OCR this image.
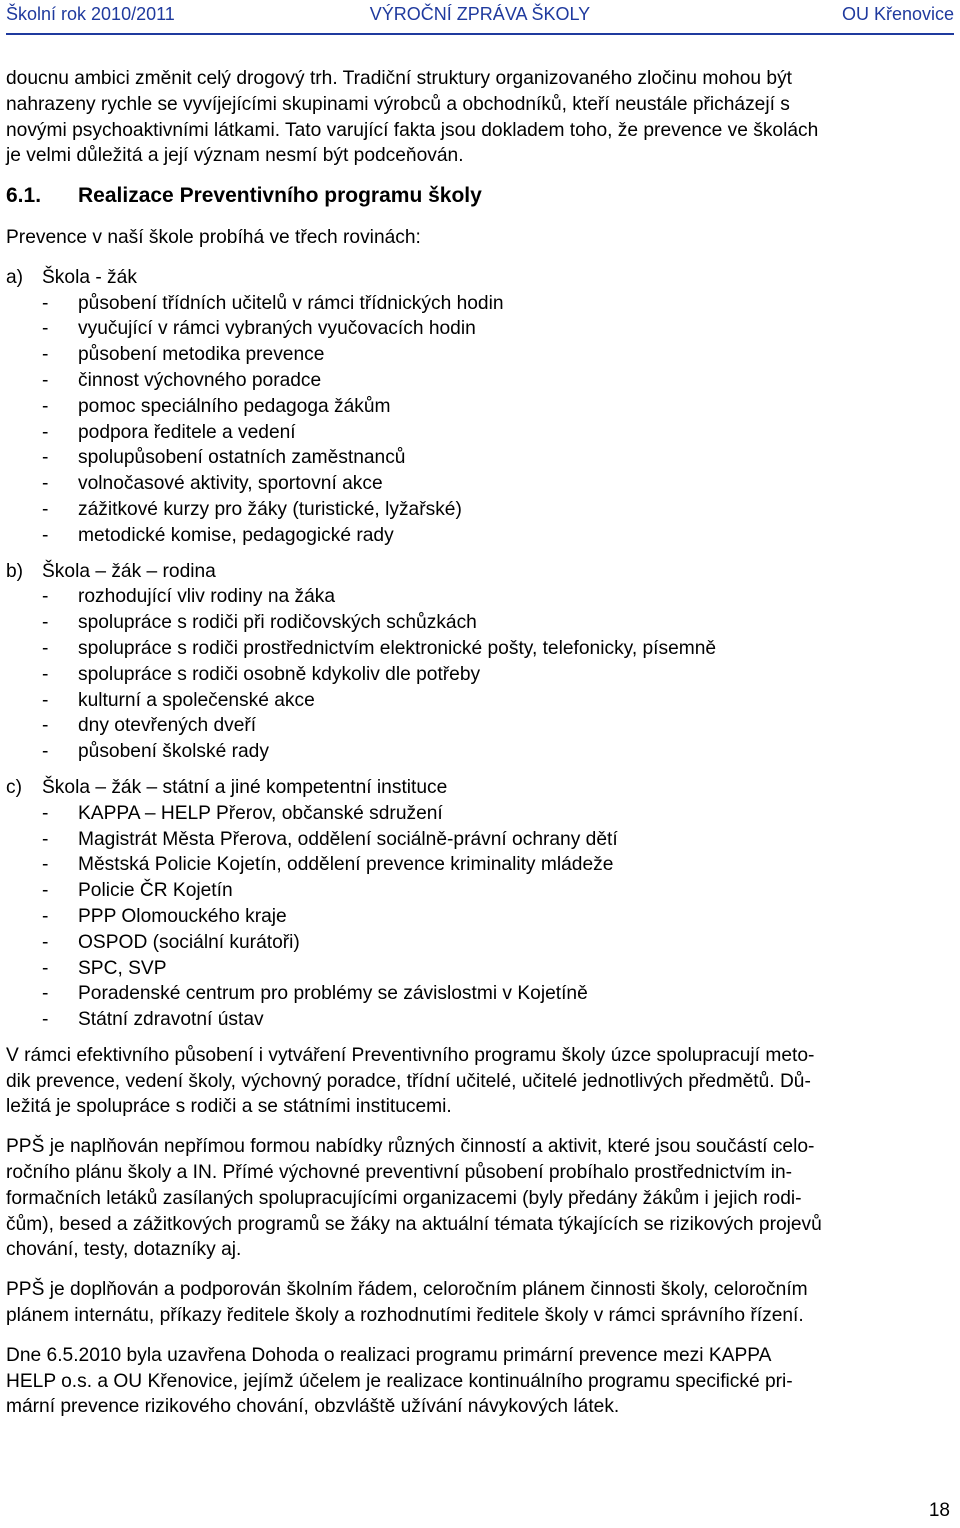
Školní rok 2010/2011	VÝROČNÍ ZPRÁVA ŠKOLY	OU Křenovice

doucnu ambici změnit celý drogový trh. Tradiční struktury organizovaného zločinu mohou být

nahrazeny rychle se vyvíjejícími skupinami výrobců a obchodníků, kteří neustále přicházejí s

novými psychoaktivními látkami. Tato varující fakta jsou dokladem toho, že prevence ve školách

je velmi důležitá a její význam nesmí být podceňován.

6.1.	Realizace Preventivního programu školy

Prevence v naší škole probíhá ve třech rovinách:

a) Škola - žák
-	působení třídních učitelů v rámci třídnických hodin
-	vyučující v rámci vybraných vyučovacích hodin
-	působení metodika prevence
-	činnost výchovného poradce
-	pomoc speciálního pedagoga žákům
-	podpora ředitele a vedení
-	spolupůsobení ostatních zaměstnanců
-	volnočasové aktivity, sportovní akce
-	zážitkové kurzy pro žáky (turistické, lyžařské)
-	metodické komise, pedagogické rady
b) Škola – žák – rodina
-	rozhodující vliv rodiny na žáka
-	spolupráce s rodiči při rodičovských schůzkách
-	spolupráce s rodiči prostřednictvím elektronické pošty, telefonicky, písemně
-	spolupráce s rodiči osobně kdykoliv dle potřeby
-	kulturní a společenské akce
-	dny otevřených dveří
-	působení školské rady
c)	Škola – žák – státní a jiné kompetentní instituce
-	KAPPA – HELP Přerov, občanské sdružení
-	Magistrát Města Přerova, oddělení sociálně-právní ochrany dětí
-	Městská Policie Kojetín, oddělení prevence kriminality mládeže
-	Policie ČR Kojetín
-	PPP Olomouckého kraje
-	OSPOD (sociální kurátoři)
-	SPC, SVP
-	Poradenské centrum pro problémy se závislostmi v Kojetíně
-	Státní zdravotní ústav

V rámci efektivního působení i vytváření Preventivního programu školy úzce spolupracují meto-

dik prevence, vedení školy, výchovný poradce, třídní učitelé, učitelé jednotlivých předmětů. Dů-

ležitá je spolupráce s rodiči a se státními institucemi.

PPŠ je naplňován nepřímou formou nabídky různých činností a aktivit, které jsou součástí celo-

ročního plánu školy a IN. Přímé výchovné preventivní působení probíhalo prostřednictvím in-

formačních letáků zasílaných spolupracujícími organizacemi (byly předány žákům i jejich rodi-

čům), besed a zážitkových programů se žáky na aktuální témata týkajících se rizikových projevů

chování, testy, dotazníky aj.

PPŠ je doplňován a podporován školním řádem, celoročním plánem činnosti školy, celoročním

plánem internátu, příkazy ředitele školy a rozhodnutími ředitele školy v rámci správního řízení.

Dne 6.5.2010 byla uzavřena Dohoda o realizaci programu primární prevence mezi KAPPA

HELP o.s. a OU Křenovice, jejímž účelem je realizace kontinuálního programu specifické pri-

mární prevence rizikového chování, obzvláště užívání návykových látek.

18
